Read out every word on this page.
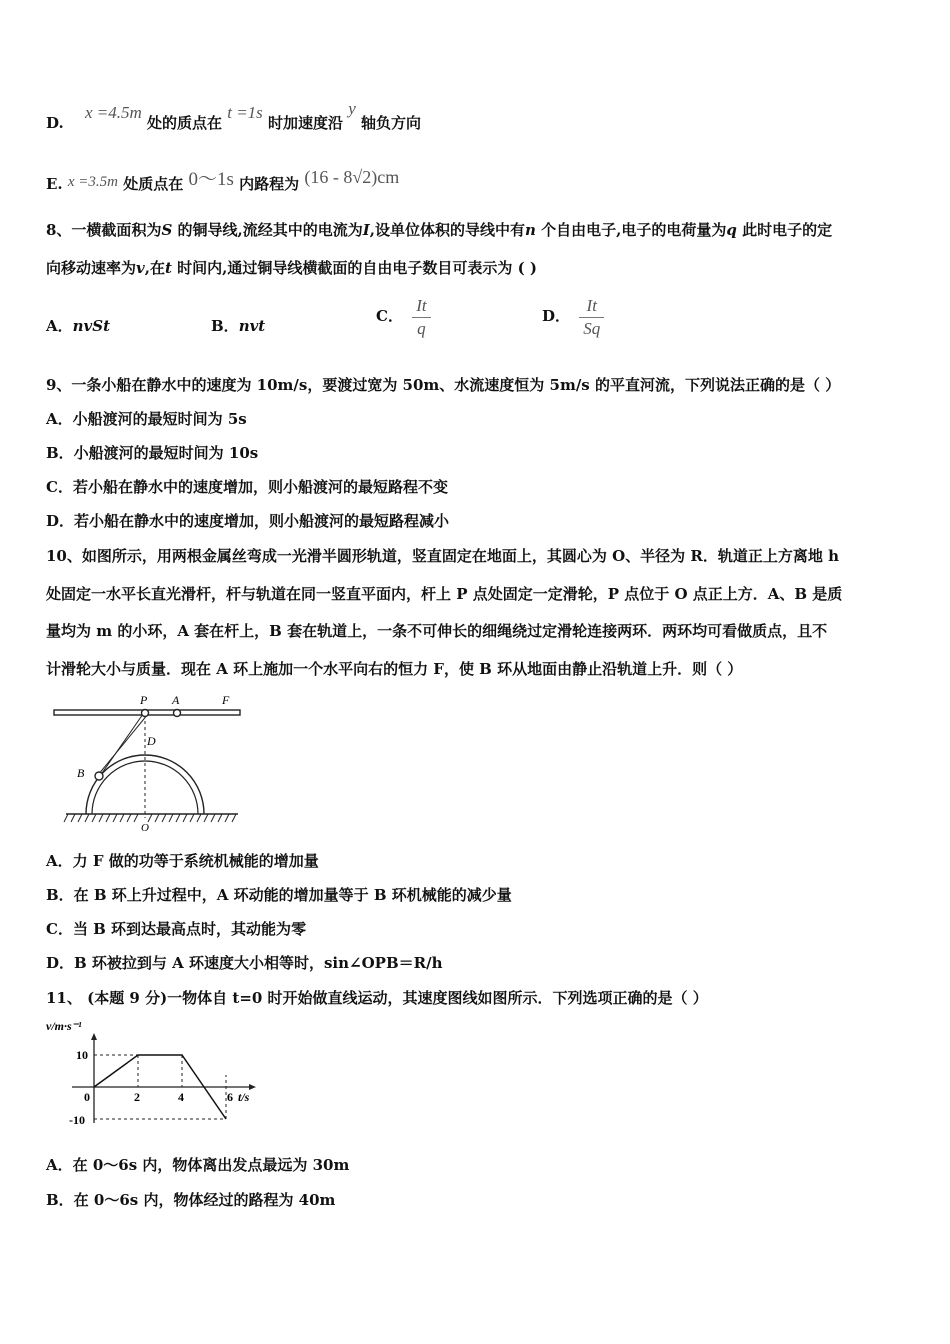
D. x =4.5m 处的质点在 t =1s 时加速度沿 y 轴负方向
E. x =3.5m 处质点在 0～1s 内路程为 (16 - 8√2)cm
8、一横截面积为S 的铜导线,流经其中的电流为I,设单位体积的导线中有n 个自由电子,电子的电荷量为q 此时电子的定
向移动速率为v,在t 时间内,通过铜导线横截面的自由电子数目可表示为 ( )
A．nvSt	B．nvt
C． $\frac{It}{q}$	D． $\frac{It}{Sq}$
9、一条小船在静水中的速度为 10m/s，要渡过宽为 50m、水流速度恒为 5m/s 的平直河流，下列说法正确的是（ ）
A．小船渡河的最短时间为 5s
B．小船渡河的最短时间为 10s
C．若小船在静水中的速度增加，则小船渡河的最短路程不变
D．若小船在静水中的速度增加，则小船渡河的最短路程减小
10、如图所示，用两根金属丝弯成一光滑半圆形轨道，竖直固定在地面上，其圆心为 O、半径为 R．轨道正上方离地 h
处固定一水平长直光滑杆，杆与轨道在同一竖直平面内，杆上 P 点处固定一定滑轮，P 点位于 O 点正上方．A、B 是质
量均为 m 的小环，A 套在杆上，B 套在轨道上，一条不可伸长的细绳绕过定滑轮连接两环．两环均可看做质点，且不
计滑轮大小与质量．现在 A 环上施加一个水平向右的恒力 F，使 B 环从地面由静止沿轨道上升．则（ ）
P A	F
D
B
O
A．力 F 做的功等于系统机械能的增加量
B．在 B 环上升过程中，A 环动能的增加量等于 B 环机械能的减少量
C．当 B 环到达最高点时，其动能为零
D．B 环被拉到与 A 环速度大小相等时，sin∠OPB＝R/h
11、 (本题 9 分)一物体自 t=0 时开始做直线运动，其速度图线如图所示．下列选项正确的是（ ）
0	2	4	6
10
-10
v/m·s⁻¹
t/s
A．在 0～6s 内，物体离出发点最远为 30m
B．在 0～6s 内，物体经过的路程为 40m
